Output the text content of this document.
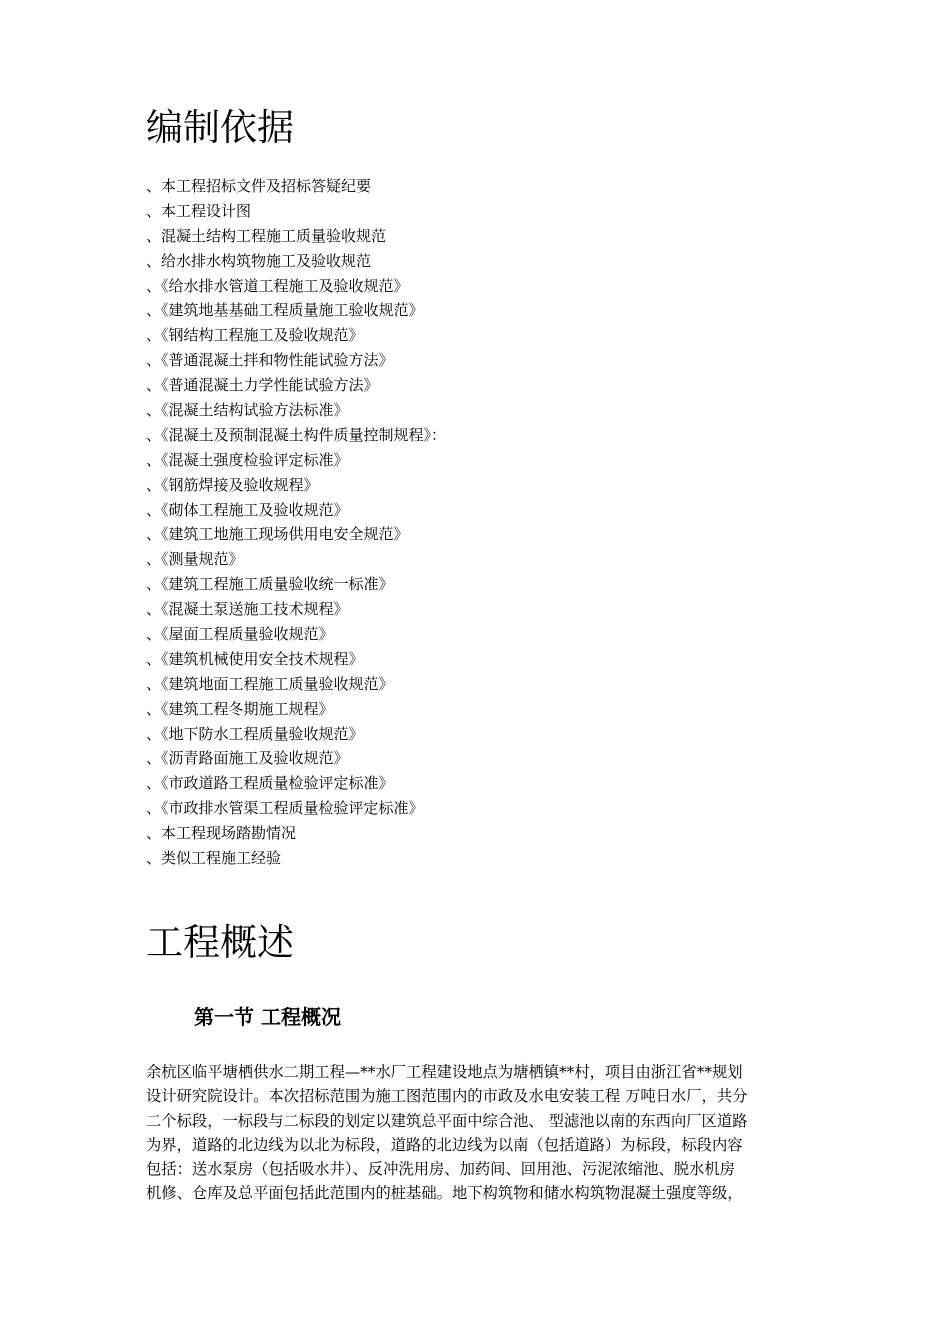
编制依据
、本工程招标文件及招标答疑纪要
、本工程设计图
、混凝土结构工程施工质量验收规范
、给水排水构筑物施工及验收规范
、《给水排水管道工程施工及验收规范》
、《建筑地基基础工程质量施工验收规范》
、《钢结构工程施工及验收规范》
、《普通混凝土拌和物性能试验方法》
、《普通混凝土力学性能试验方法》
、《混凝土结构试验方法标准》
、《混凝土及预制混凝土构件质量控制规程》：
、《混凝土强度检验评定标准》
、《钢筋焊接及验收规程》
、《砌体工程施工及验收规范》
、《建筑工地施工现场供用电安全规范》
、《测量规范》
、《建筑工程施工质量验收统一标准》
、《混凝土泵送施工技术规程》
、《屋面工程质量验收规范》
、《建筑机械使用安全技术规程》
、《建筑地面工程施工质量验收规范》
、《建筑工程冬期施工规程》
、《地下防水工程质量验收规范》
、《沥青路面施工及验收规范》
、《市政道路工程质量检验评定标准》
、《市政排水管渠工程质量检验评定标准》
、本工程现场踏勘情况
、类似工程施工经验
工程概述
第一节 工程概况
余杭区临平塘栖供水二期工程—**水厂工程建设地点为塘栖镇**村，项目由浙江省**规划
设计研究院设计。本次招标范围为施工图范围内的市政及水电安装工程 万吨日水厂，共分
二个标段，一标段与二标段的划定以建筑总平面中综合池、 型滤池以南的东西向厂区道路
为界，道路的北边线为以北为标段，道路的北边线为以南（包括道路）为标段，标段内容
包括：送水泵房（包括吸水井）、反冲洗用房、加药间、回用池、污泥浓缩池、脱水机房
机修、仓库及总平面包括此范围内的桩基础。地下构筑物和储水构筑物混凝土强度等级，
